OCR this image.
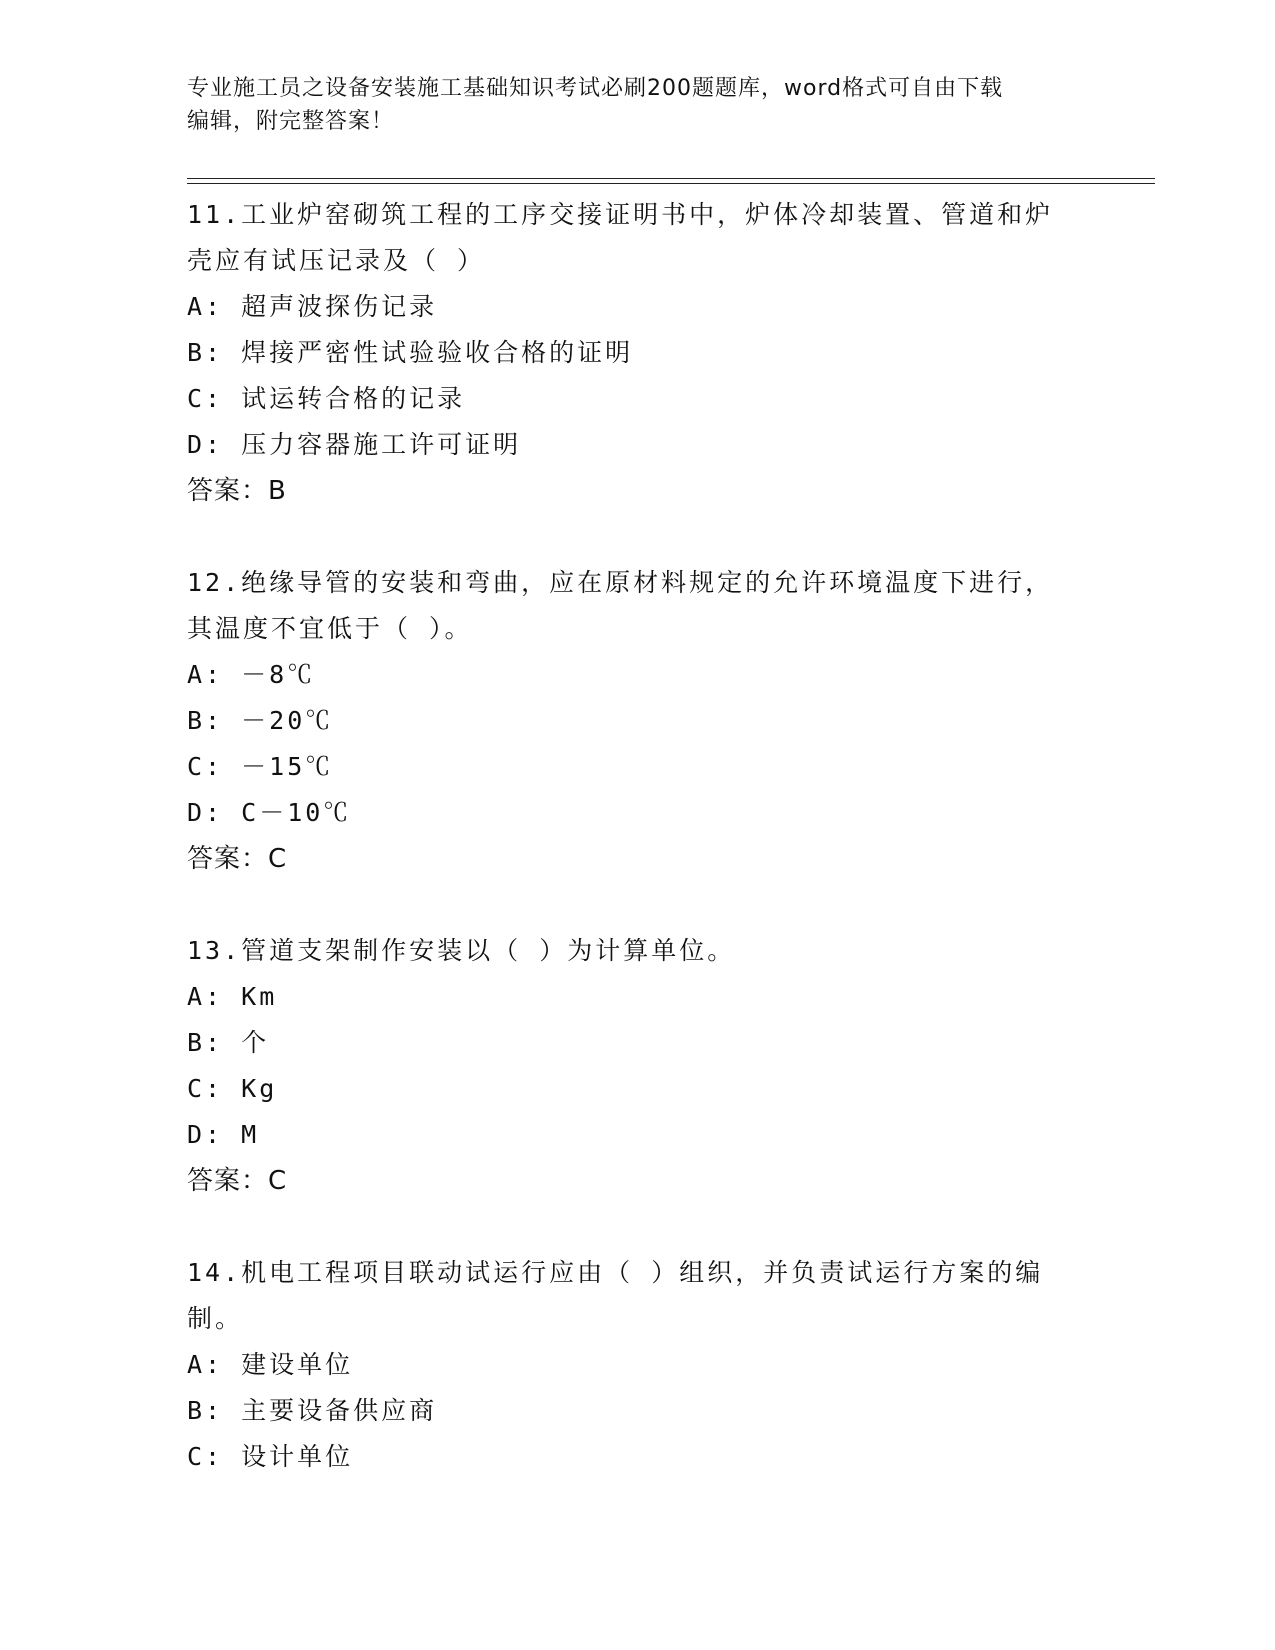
专业施工员之设备安装施工基础知识考试必刷200题题库，word格式可自由下载
编辑，附完整答案！

11.工业炉窑砌筑工程的工序交接证明书中，炉体冷却装置、管道和炉

壳应有试压记录及（ ）

A: 超声波探伤记录

B: 焊接严密性试验验收合格的证明

C: 试运转合格的记录

D: 压力容器施工许可证明

答案：B

12.绝缘导管的安装和弯曲，应在原材料规定的允许环境温度下进行，

其温度不宜低于（ ）。

A: －8℃

B: －20℃

C: －15℃

D: C－10℃

答案：C

13.管道支架制作安装以（ ）为计算单位。

A: Km

B: 个

C: Kg

D: M

答案：C

14.机电工程项目联动试运行应由（ ）组织，并负责试运行方案的编

制。

A: 建设单位

B: 主要设备供应商

C: 设计单位
